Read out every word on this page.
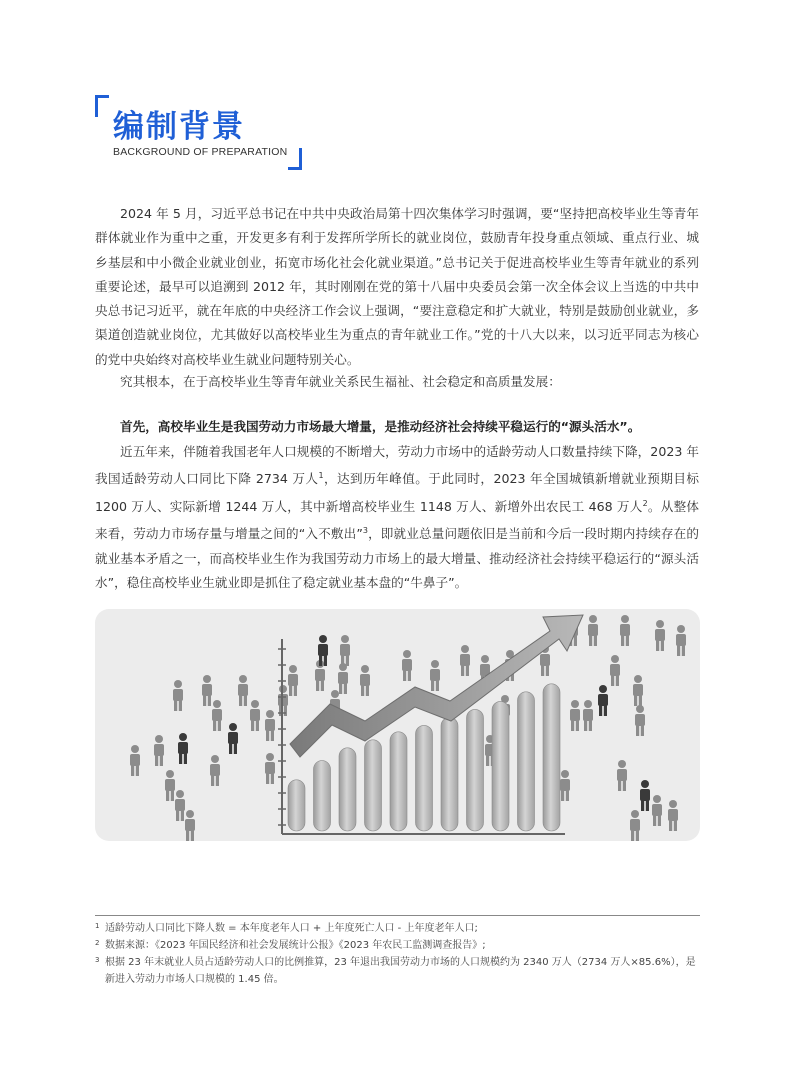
编制背景
BACKGROUND OF PREPARATION

2024 年 5 月，习近平总书记在中共中央政治局第十四次集体学习时强调，要“坚持把高校毕业生等青年群体就业作为重中之重，开发更多有利于发挥所学所长的就业岗位，鼓励青年投身重点领域、重点行业、城乡基层和中小微企业就业创业，拓宽市场化社会化就业渠道。”总书记关于促进高校毕业生等青年就业的系列重要论述，最早可以追溯到 2012 年，其时刚刚在党的第十八届中央委员会第一次全体会议上当选的中共中央总书记习近平，就在年底的中央经济工作会议上强调，“要注意稳定和扩大就业，特别是鼓励创业就业，多渠道创造就业岗位，尤其做好以高校毕业生为重点的青年就业工作。”党的十八大以来，以习近平同志为核心的党中央始终对高校毕业生就业问题特别关心。

究其根本，在于高校毕业生等青年就业关系民生福祉、社会稳定和高质量发展：

首先，高校毕业生是我国劳动力市场最大增量，是推动经济社会持续平稳运行的“源头活水”。

近五年来，伴随着我国老年人口规模的不断增大，劳动力市场中的适龄劳动人口数量持续下降，2023 年我国适龄劳动人口同比下降 2734 万人$^1$，达到历年峰值。于此同时，2023 年全国城镇新增就业预期目标 1200 万人、实际新增 1244 万人，其中新增高校毕业生 1148 万人、新增外出农民工 468 万人$^2$。从整体来看，劳动力市场存量与增量之间的“入不敷出”$^3$，即就业总量问题依旧是当前和今后一段时期内持续存在的就业基本矛盾之一，而高校毕业生作为我国劳动力市场上的最大增量、推动经济社会持续平稳运行的“源头活水”，稳住高校毕业生就业即是抓住了稳定就业基本盘的“牛鼻子”。

1 适龄劳动人口同比下降人数 = 本年度老年人口 + 上年度死亡人口 - 上年度老年人口;
2 数据来源：《2023 年国民经济和社会发展统计公报》《2023 年农民工监测调查报告》;
3 根据 23 年末就业人员占适龄劳动人口的比例推算，23 年退出我国劳动力市场的人口规模约为 2340 万人（2734 万人×85.6%），是新进入劳动力市场人口规模的 1.45 倍。
